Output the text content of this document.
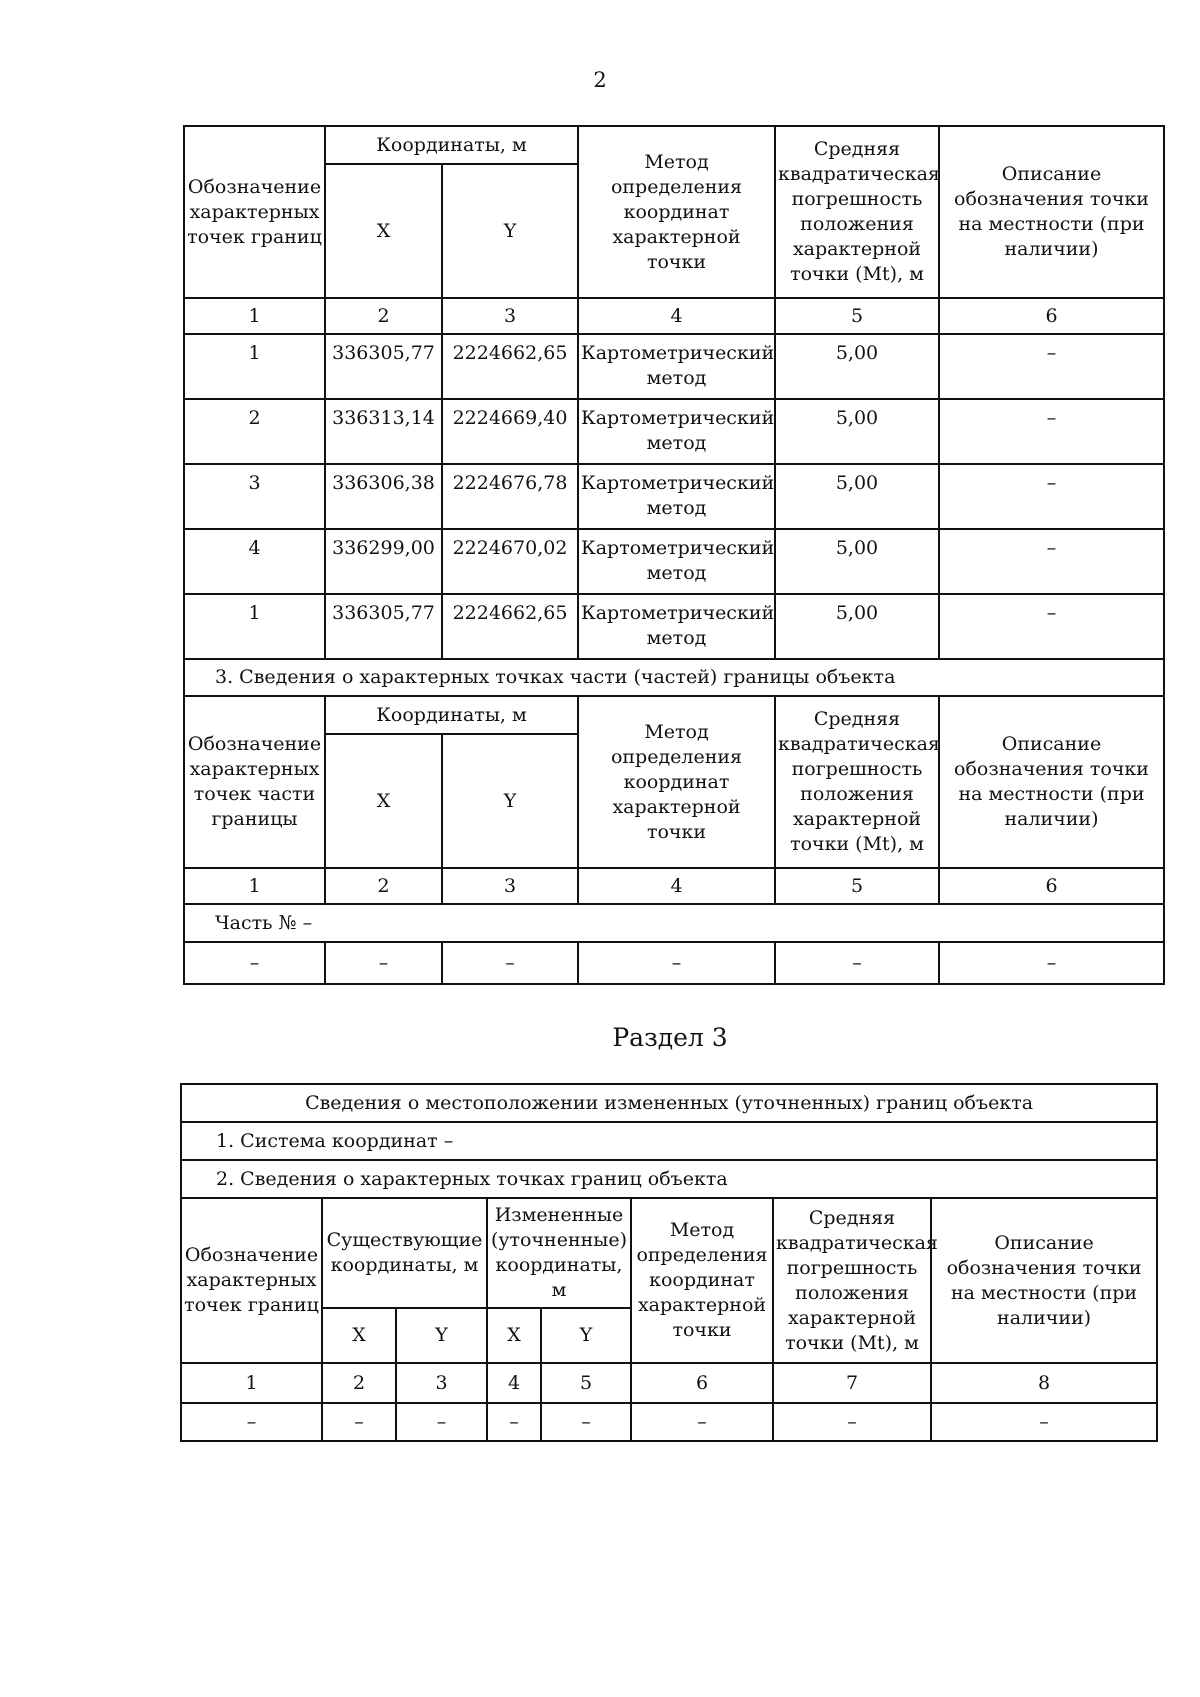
2
Обозначение характерных точек границ	Координаты, м		Метод определения координат характерной точки	Средняя квадратическая погрешность положения характерной точки (Mt), м	Описание обозначения точки на местности (при наличии)
	X	Y			
1	2	3	4	5	6
1	336305,77	2224662,65	Картометрический метод	5,00	–
2	336313,14	2224669,40	Картометрический метод	5,00	–
3	336306,38	2224676,78	Картометрический метод	5,00	–
4	336299,00	2224670,02	Картометрический метод	5,00	–
1	336305,77	2224662,65	Картометрический метод	5,00	–
3. Сведения о характерных точках части (частей) границы объекта					
Обозначение характерных точек части границы	Координаты, м		Метод определения координат характерной точки	Средняя квадратическая погрешность положения характерной точки (Mt), м	Описание обозначения точки на местности (при наличии)
	X	Y			
1	2	3	4	5	6
Часть № –					
–	–	–	–	–	–
Раздел 3
Сведения о местоположении измененных (уточненных) границ объекта							
1. Система координат –							
2. Сведения о характерных точках границ объекта							
Обозначение характерных точек границ	Существующие координаты, м		Измененные (уточненные) координаты, м		Метод определения координат характерной точки	Средняя квадратическая погрешность положения характерной точки (Mt), м	Описание обозначения точки на местности (при наличии)
	X	Y	X	Y			
1	2	3	4	5	6	7	8
–	–	–	–	–	–	–	–
